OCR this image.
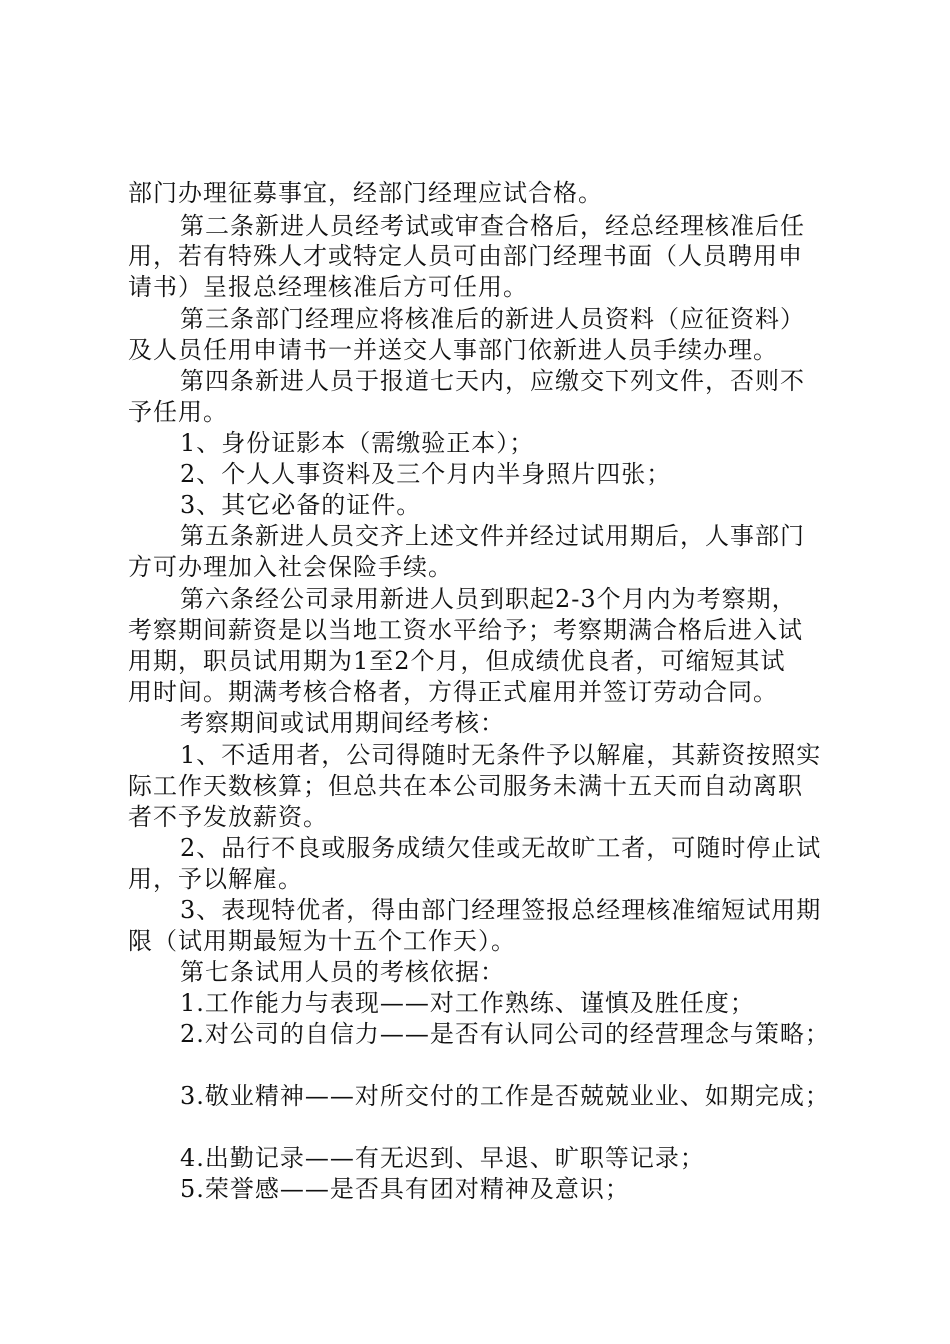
部门办理征募事宜，经部门经理应试合格。
第二条新进人员经考试或审查合格后，经总经理核准后任
用，若有特殊人才或特定人员可由部门经理书面（人员聘用申
请书）呈报总经理核准后方可任用。
第三条部门经理应将核准后的新进人员资料（应征资料）
及人员任用申请书一并送交人事部门依新进人员手续办理。
第四条新进人员于报道七天内，应缴交下列文件，否则不
予任用。
1、身份证影本（需缴验正本）；
2、个人人事资料及三个月内半身照片四张；
3、其它必备的证件。
第五条新进人员交齐上述文件并经过试用期后，人事部门
方可办理加入社会保险手续。
第六条经公司录用新进人员到职起2-3个月内为考察期，
考察期间薪资是以当地工资水平给予；考察期满合格后进入试
用期，职员试用期为1至2个月，但成绩优良者，可缩短其试
用时间。期满考核合格者，方得正式雇用并签订劳动合同。
考察期间或试用期间经考核：
1、不适用者，公司得随时无条件予以解雇，其薪资按照实
际工作天数核算；但总共在本公司服务未满十五天而自动离职
者不予发放薪资。
2、品行不良或服务成绩欠佳或无故旷工者，可随时停止试
用，予以解雇。
3、表现特优者，得由部门经理签报总经理核准缩短试用期
限（试用期最短为十五个工作天）。
第七条试用人员的考核依据：
1.工作能力与表现——对工作熟练、谨慎及胜任度；
2.对公司的自信力——是否有认同公司的经营理念与策略；
3.敬业精神——对所交付的工作是否兢兢业业、如期完成；
4.出勤记录——有无迟到、早退、旷职等记录；
5.荣誉感——是否具有团对精神及意识；
